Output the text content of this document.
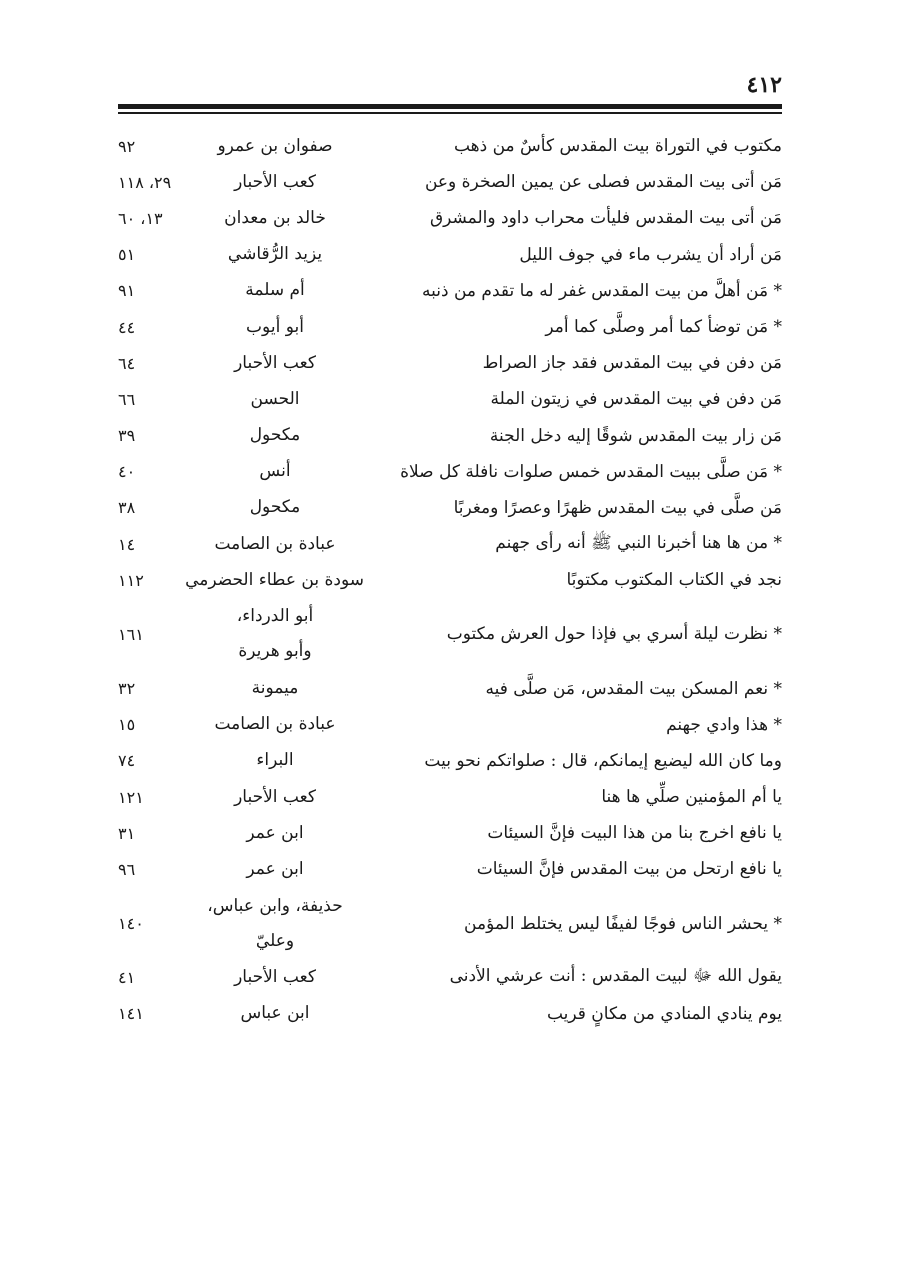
٤١٢
مكتوب في التوراة بيت المقدس كأسٌ من ذهب
صفوان بن عمرو
٩٢
مَن أتى بيت المقدس فصلى عن يمين الصخرة وعن
كعب الأحبار
٢٩، ١١٨
مَن أتى بيت المقدس فليأت محراب داود والمشرق
خالد بن معدان
١٣، ٦٠
مَن أراد أن يشرب ماء في جوف الليل
يزيد الرُّقاشي
٥١
* مَن أهلَّ من بيت المقدس غفر له ما تقدم من ذنبه
أم سلمة
٩١
* مَن توضأ كما أمر وصلَّى كما أمر
أبو أيوب
٤٤
مَن دفن في بيت المقدس فقد جاز الصراط
كعب الأحبار
٦٤
مَن دفن في بيت المقدس في زيتون الملة
الحسن
٦٦
مَن زار بيت المقدس شوقًا إليه دخل الجنة
مكحول
٣٩
* مَن صلَّى ببيت المقدس خمس صلوات نافلة كل صلاة
أنس
٤٠
مَن صلَّى في بيت المقدس ظهرًا وعصرًا ومغربًا
مكحول
٣٨
* من ها هنا أخبرنا النبي ﷺ أنه رأى جهنم
عبادة بن الصامت
١٤
نجد في الكتاب المكتوب مكتوبًا
سودة بن عطاء الحضرمي
١١٢
* نظرت ليلة أسري بي فإذا حول العرش مكتوب
أبو الدرداء،
وأبو هريرة
١٦١
* نعم المسكن بيت المقدس، مَن صلَّى فيه
ميمونة
٣٢
* هذا وادي جهنم
عبادة بن الصامت
١٥
وما كان الله ليضيع إيمانكم، قال : صلواتكم نحو بيت
البراء
٧٤
يا أم المؤمنين صلِّي ها هنا
كعب الأحبار
١٢١
يا نافع اخرج بنا من هذا البيت فإنَّ السيئات
ابن عمر
٣١
يا نافع ارتحل من بيت المقدس فإنَّ السيئات
ابن عمر
٩٦
* يحشر الناس فوجًا لفيفًا ليس يختلط المؤمن
حذيفة، وابن عباس،
وعليّ
١٤٠
يقول الله ﷻ لبيت المقدس : أنت عرشي الأدنى
كعب الأحبار
٤١
يوم ينادي المنادي من مكانٍ قريب
ابن عباس
١٤١
